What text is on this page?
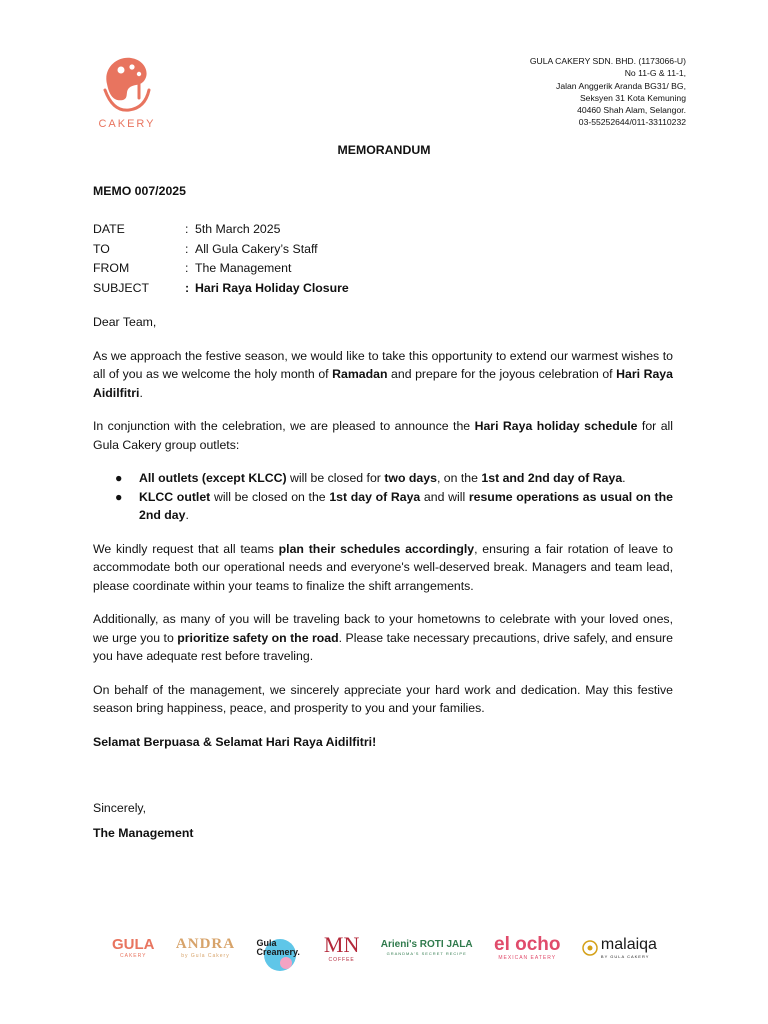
CAKERY
GULA CAKERY SDN. BHD. (1173066-U)
No 11-G & 11-1,
Jalan Anggerik Aranda BG31/ BG,
Seksyen 31 Kota Kemuning
40460 Shah Alam, Selangor.
03-55252644/011-33110232
MEMORANDUM
MEMO 007/2025
DATE	: 5th March 2025
TO	: All Gula Cakery’s Staff
FROM	: The Management
SUBJECT	: Hari Raya Holiday Closure

Dear Team,

As we approach the festive season, we would like to take this opportunity to extend our warmest wishes to all of you as we welcome the holy month of Ramadan and prepare for the joyous celebration of Hari Raya Aidilfitri.

In conjunction with the celebration, we are pleased to announce the Hari Raya holiday schedule for all Gula Cakery group outlets:

● All outlets (except KLCC) will be closed for two days, on the 1st and 2nd day of Raya.
● KLCC outlet will be closed on the 1st day of Raya and will resume operations as usual on the 2nd day.

We kindly request that all teams plan their schedules accordingly, ensuring a fair rotation of leave to accommodate both our operational needs and everyone's well-deserved break. Managers and team lead, please coordinate within your teams to finalize the shift arrangements.

Additionally, as many of you will be traveling back to your hometowns to celebrate with your loved ones, we urge you to prioritize safety on the road. Please take necessary precautions, drive safely, and ensure you have adequate rest before traveling.

On behalf of the management, we sincerely appreciate your hard work and dedication. May this festive season bring happiness, peace, and prosperity to you and your families.

Selamat Berpuasa & Selamat Hari Raya Aidilfitri!

Sincerely,
The Management
GULA
CAKERY
ANDRA
by Gula Cakery
Gula Creamery. MN
COFFEE
Arieni's ROTI JALA
GRANDMA'S SECRET RECIPE el ocho
MEXICAN EATERY
malaiqa
BY GULA CAKERY
